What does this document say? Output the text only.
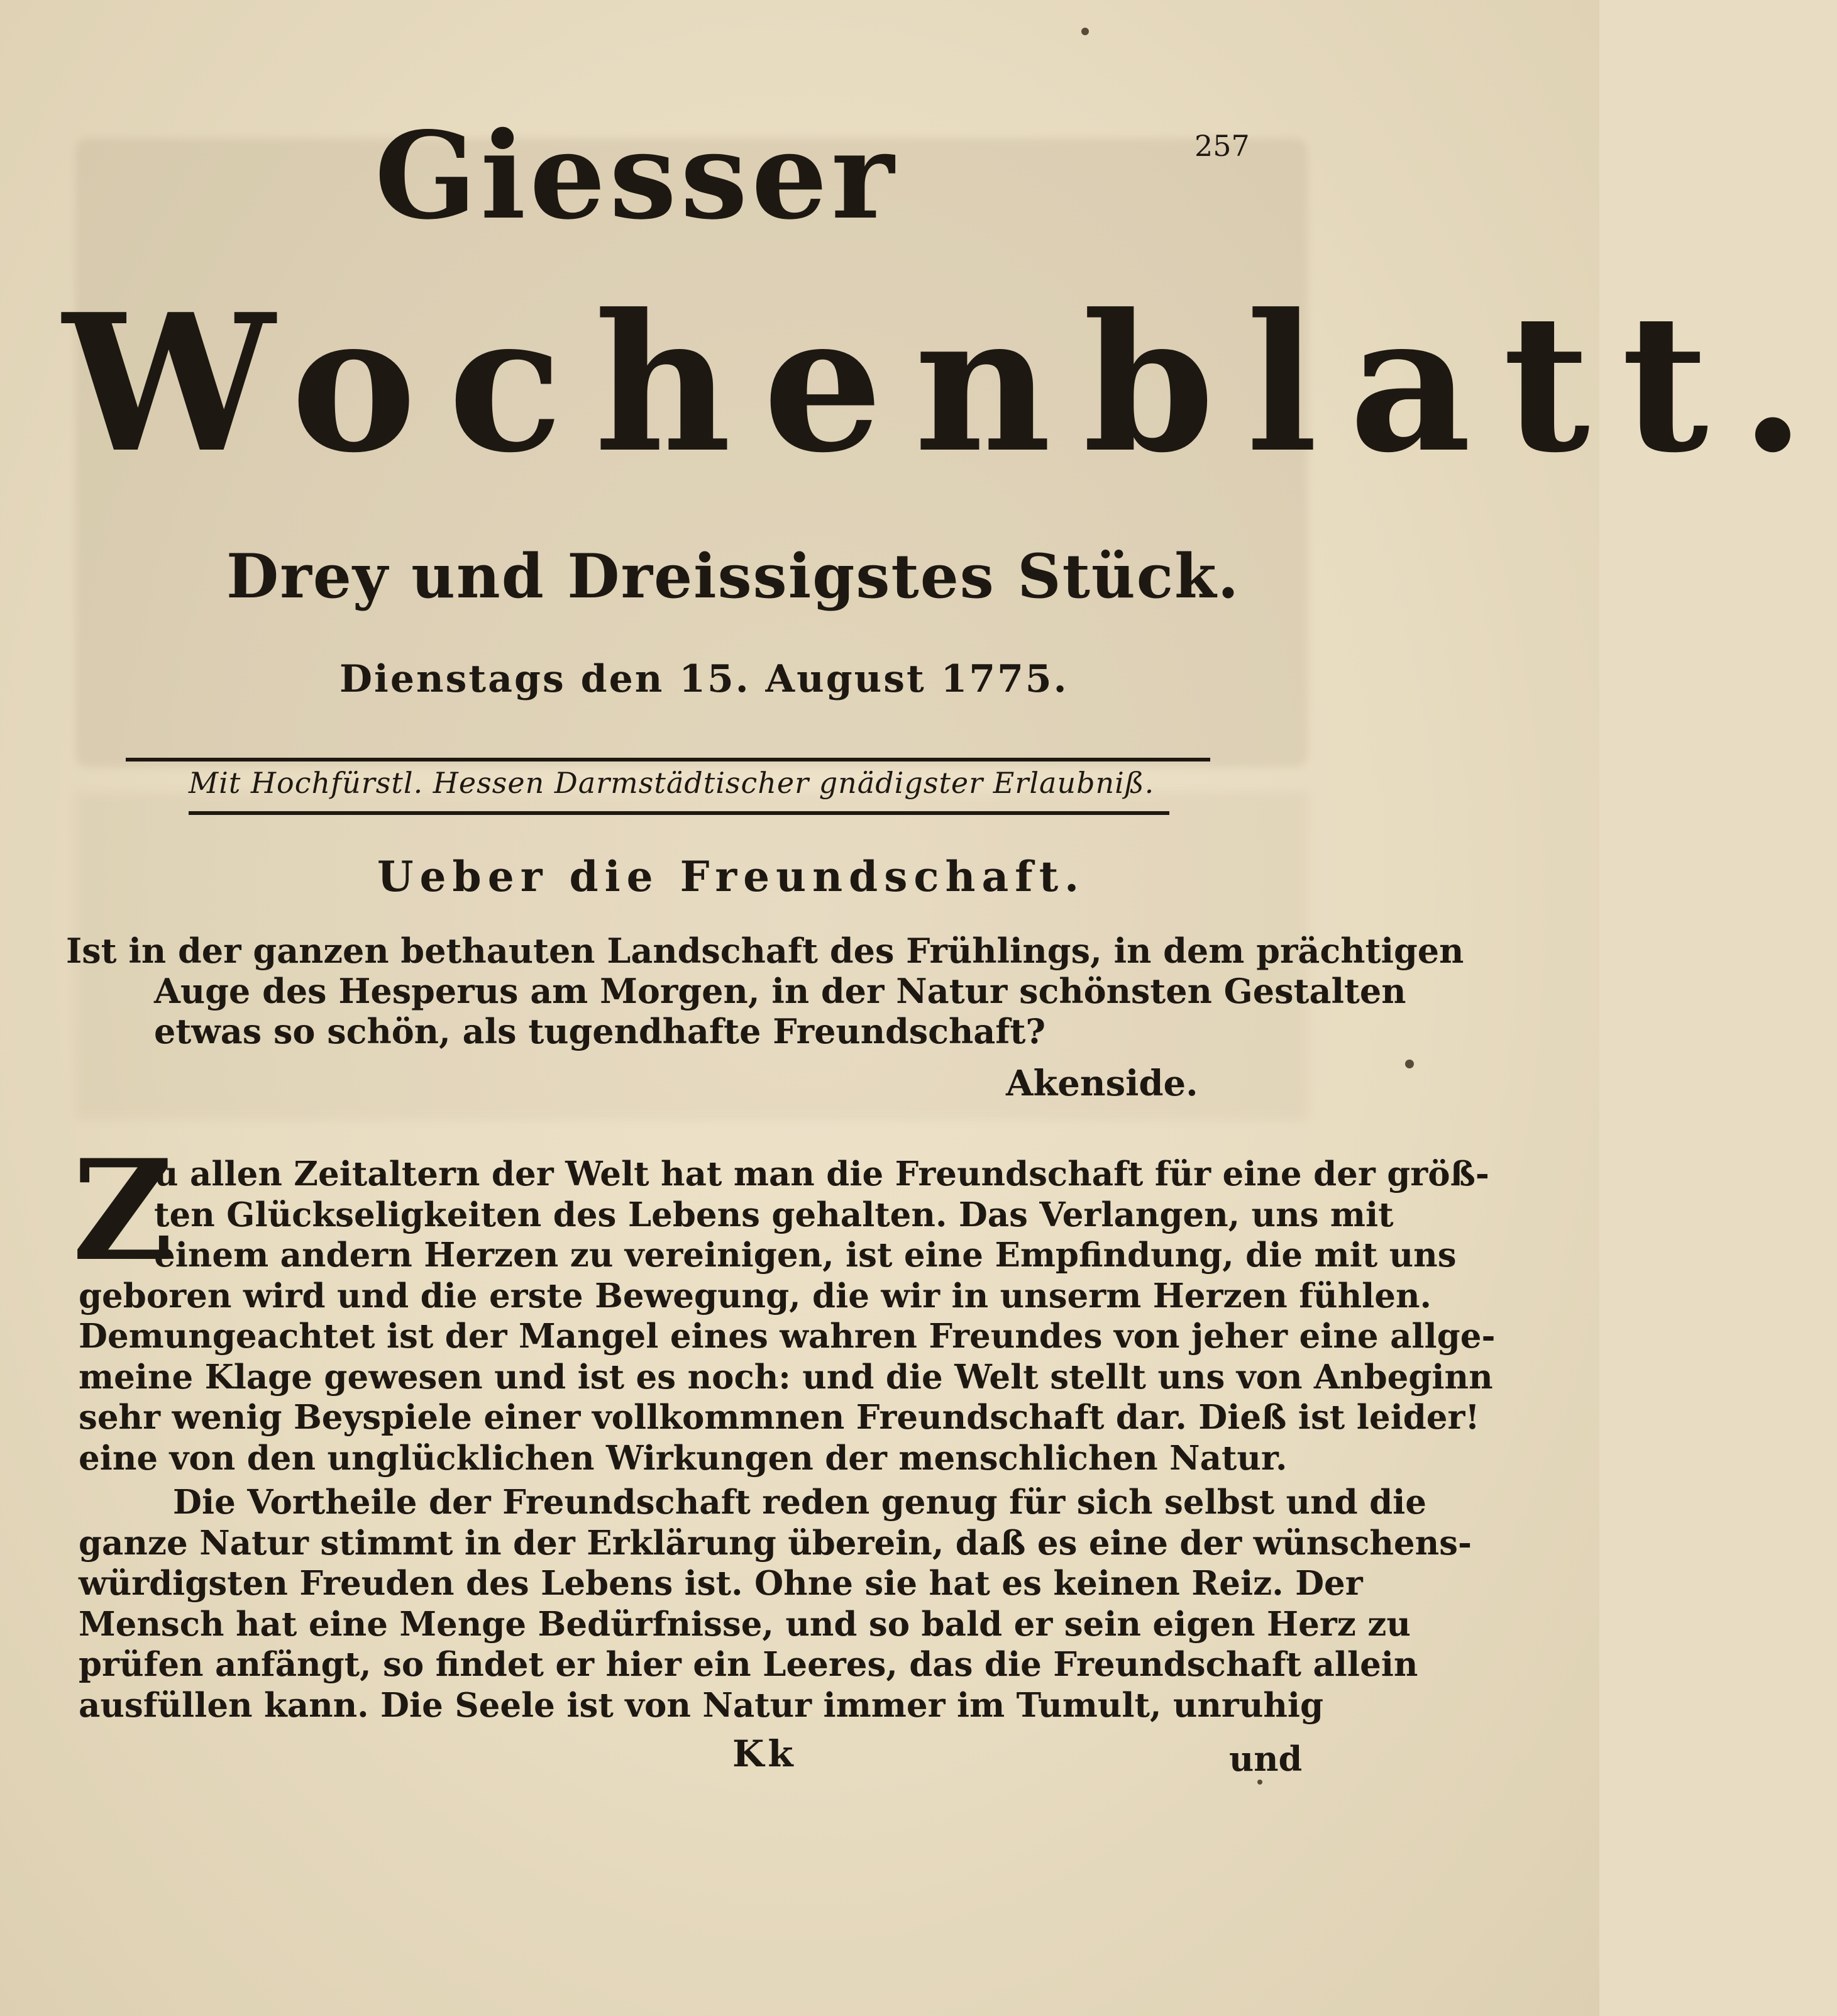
257
Giesser
Wochenblatt.
Drey und Dreissigstes Stück.
Dienstags den 15. August 1775.
Mit Hochfürstl. Hessen Darmstädtischer gnädigster Erlaubniß.
Ueber die Freundschaft.
Ist in der ganzen bethauten Landschaft des Frühlings, in dem prächtigen
Auge des Hesperus am Morgen, in der Natur schönsten Gestalten
etwas so schön, als tugendhafte Freundschaft?
Akenside.
Z
u allen Zeitaltern der Welt hat man die Freundschaft für eine der größ-
ten Glückseligkeiten des Lebens gehalten. Das Verlangen, uns mit
einem andern Herzen zu vereinigen, ist eine Empfindung, die mit uns
geboren wird und die erste Bewegung, die wir in unserm Herzen fühlen.
Demungeachtet ist der Mangel eines wahren Freundes von jeher eine allge-
meine Klage gewesen und ist es noch: und die Welt stellt uns von Anbeginn
sehr wenig Beyspiele einer vollkommnen Freundschaft dar. Dieß ist leider!
eine von den unglücklichen Wirkungen der menschlichen Natur.
Die Vortheile der Freundschaft reden genug für sich selbst und die
ganze Natur stimmt in der Erklärung überein, daß es eine der wünschens-
würdigsten Freuden des Lebens ist. Ohne sie hat es keinen Reiz. Der
Mensch hat eine Menge Bedürfnisse, und so bald er sein eigen Herz zu
prüfen anfängt, so findet er hier ein Leeres, das die Freundschaft allein
ausfüllen kann. Die Seele ist von Natur immer im Tumult, unruhig
Kk	und
